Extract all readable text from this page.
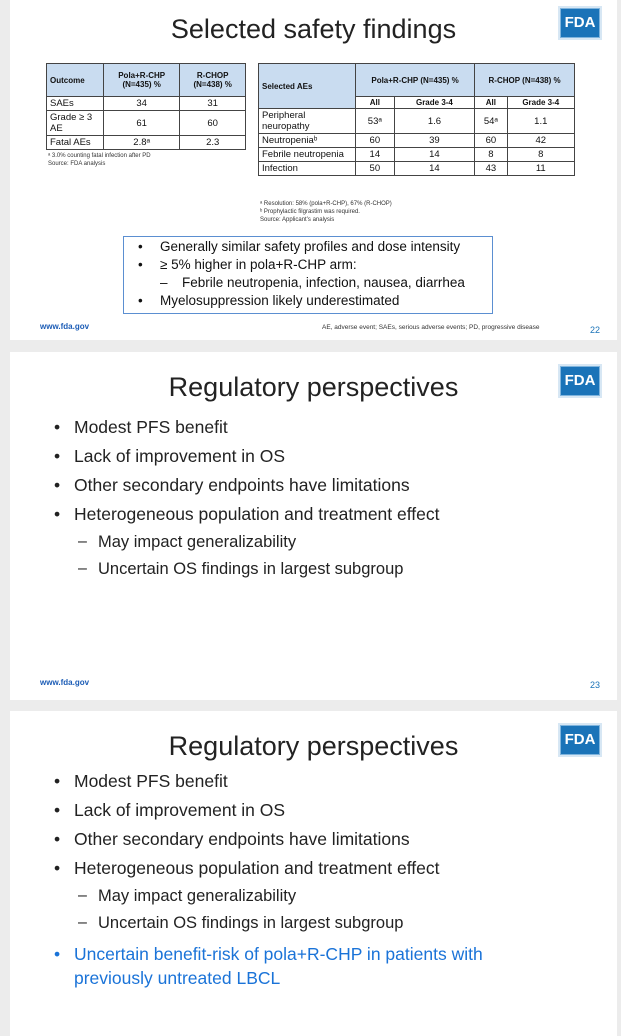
Selected safety findings	FDA
Outcome	Pola+R-CHP (N=435) %	R-CHOP (N=438) %
SAEs	34	31
Grade ≥ 3 AE	61	60
Fatal AEs	2.8ᵃ	2.3
ᵃ 3.0% counting fatal infection after PD
Source: FDA analysis
Selected AEs	Pola+R-CHP (N=435) %		R-CHOP (N=438) %	
	All	Grade 3-4	All	Grade 3-4
Peripheral neuropathy	53ᵃ	1.6	54ᵃ	1.1
Neutropeniaᵇ	60	39	60	42
Febrile neutropenia	14	14	8	8
Infection	50	14	43	11
ᵃ Resolution: 58% (pola+R-CHP), 67% (R-CHOP)
ᵇ Prophylactic filgrastim was required.
Source: Applicant’s analysis
• Generally similar safety profiles and dose intensity
• ≥ 5% higher in pola+R-CHP arm:
– Febrile neutropenia, infection, nausea, diarrhea
• Myelosuppression likely underestimated
www.fda.gov	AE, adverse event; SAEs, serious adverse events; PD, progressive disease	22
Regulatory perspectives	FDA
• Modest PFS benefit
• Lack of improvement in OS
• Other secondary endpoints have limitations
• Heterogeneous population and treatment effect
– May impact generalizability
– Uncertain OS findings in largest subgroup
www.fda.gov	23
Regulatory perspectives	FDA
• Modest PFS benefit
• Lack of improvement in OS
• Other secondary endpoints have limitations
• Heterogeneous population and treatment effect
– May impact generalizability
– Uncertain OS findings in largest subgroup
• Uncertain benefit-risk of pola+R-CHP in patients with
previously untreated LBCL
